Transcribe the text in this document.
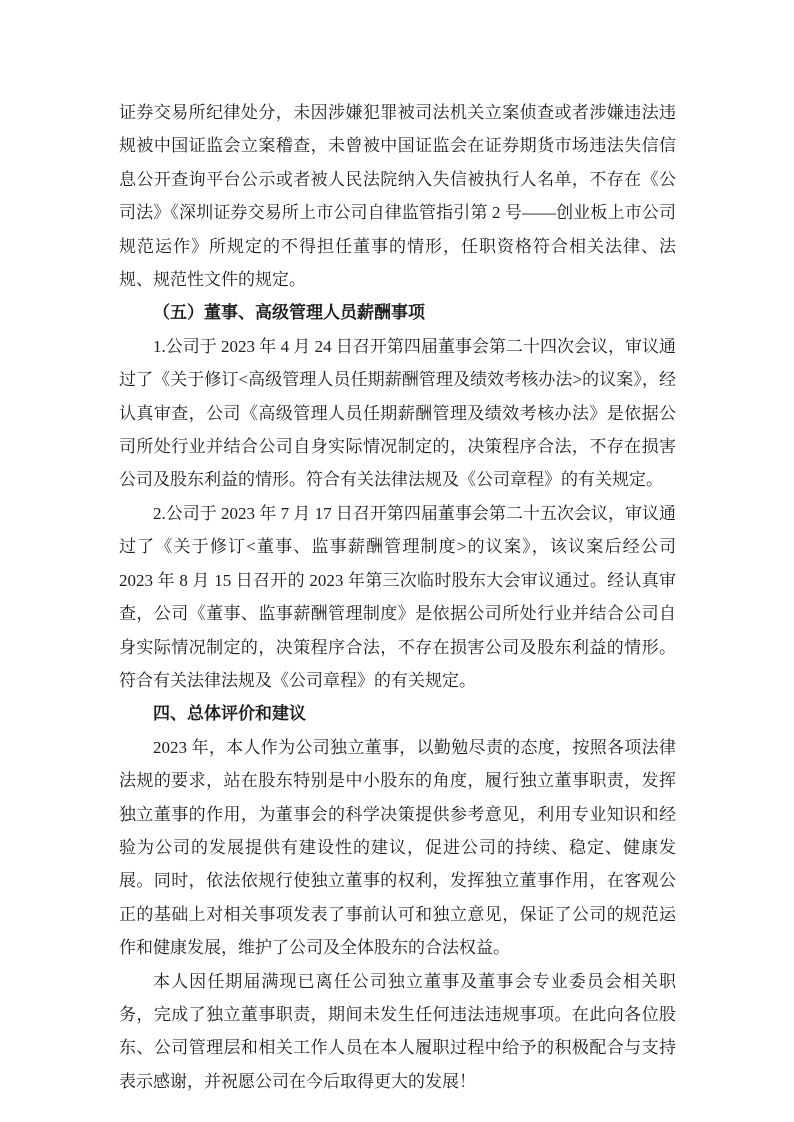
证券交易所纪律处分，未因涉嫌犯罪被司法机关立案侦查或者涉嫌违法违规被中国证监会立案稽查，未曾被中国证监会在证券期货市场违法失信信息公开查询平台公示或者被人民法院纳入失信被执行人名单，不存在《公司法》《深圳证券交易所上市公司自律监管指引第 2 号——创业板上市公司规范运作》所规定的不得担任董事的情形，任职资格符合相关法律、法规、规范性文件的规定。

（五）董事、高级管理人员薪酬事项

1.公司于 2023 年 4 月 24 日召开第四届董事会第二十四次会议，审议通过了《关于修订<高级管理人员任期薪酬管理及绩效考核办法>的议案》，经认真审查，公司《高级管理人员任期薪酬管理及绩效考核办法》是依据公司所处行业并结合公司自身实际情况制定的，决策程序合法，不存在损害公司及股东利益的情形。符合有关法律法规及《公司章程》的有关规定。

2.公司于 2023 年 7 月 17 日召开第四届董事会第二十五次会议，审议通过了《关于修订<董事、监事薪酬管理制度>的议案》，该议案后经公司 2023 年 8 月 15 日召开的 2023 年第三次临时股东大会审议通过。经认真审查，公司《董事、监事薪酬管理制度》是依据公司所处行业并结合公司自身实际情况制定的，决策程序合法，不存在损害公司及股东利益的情形。符合有关法律法规及《公司章程》的有关规定。

四、总体评价和建议

2023 年，本人作为公司独立董事，以勤勉尽责的态度，按照各项法律法规的要求，站在股东特别是中小股东的角度，履行独立董事职责，发挥独立董事的作用，为董事会的科学决策提供参考意见，利用专业知识和经验为公司的发展提供有建设性的建议，促进公司的持续、稳定、健康发展。同时，依法依规行使独立董事的权利，发挥独立董事作用，在客观公正的基础上对相关事项发表了事前认可和独立意见，保证了公司的规范运作和健康发展，维护了公司及全体股东的合法权益。

本人因任期届满现已离任公司独立董事及董事会专业委员会相关职务，完成了独立董事职责，期间未发生任何违法违规事项。在此向各位股东、公司管理层和相关工作人员在本人履职过程中给予的积极配合与支持表示感谢，并祝愿公司在今后取得更大的发展！
